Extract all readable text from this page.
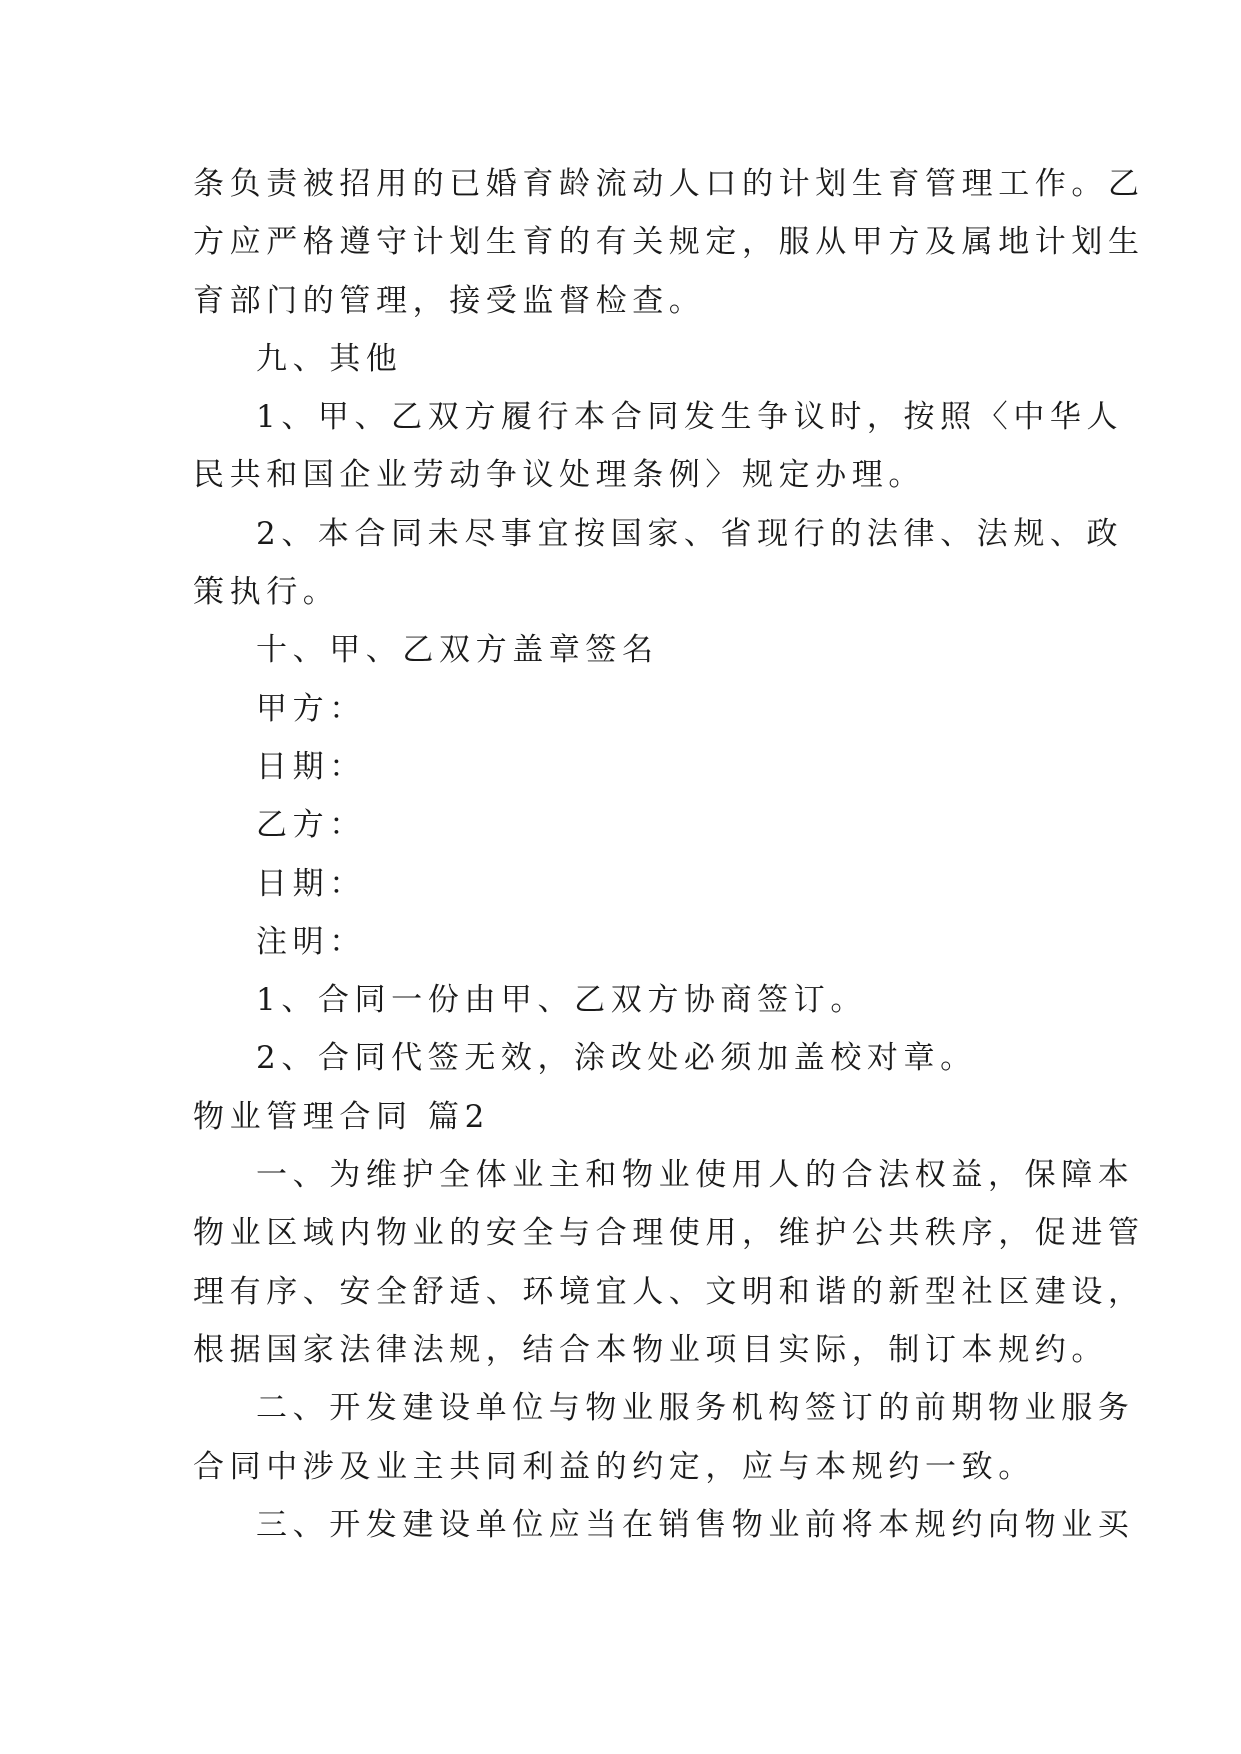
条负责被招用的已婚育龄流动人口的计划生育管理工作。乙
方应严格遵守计划生育的有关规定，服从甲方及属地计划生
育部门的管理，接受监督检查。
九、其他
1、甲、乙双方履行本合同发生争议时，按照〈中华人
民共和国企业劳动争议处理条例〉规定办理。
2、本合同未尽事宜按国家、省现行的法律、法规、政
策执行。
十、甲、乙双方盖章签名
甲方：
日期：
乙方：
日期：
注明：
1、合同一份由甲、乙双方协商签订。
2、合同代签无效，涂改处必须加盖校对章。
物业管理合同 篇2
一、为维护全体业主和物业使用人的合法权益，保障本
物业区域内物业的安全与合理使用，维护公共秩序，促进管
理有序、安全舒适、环境宜人、文明和谐的新型社区建设，
根据国家法律法规，结合本物业项目实际，制订本规约。
二、开发建设单位与物业服务机构签订的前期物业服务
合同中涉及业主共同利益的约定，应与本规约一致。
三、开发建设单位应当在销售物业前将本规约向物业买
